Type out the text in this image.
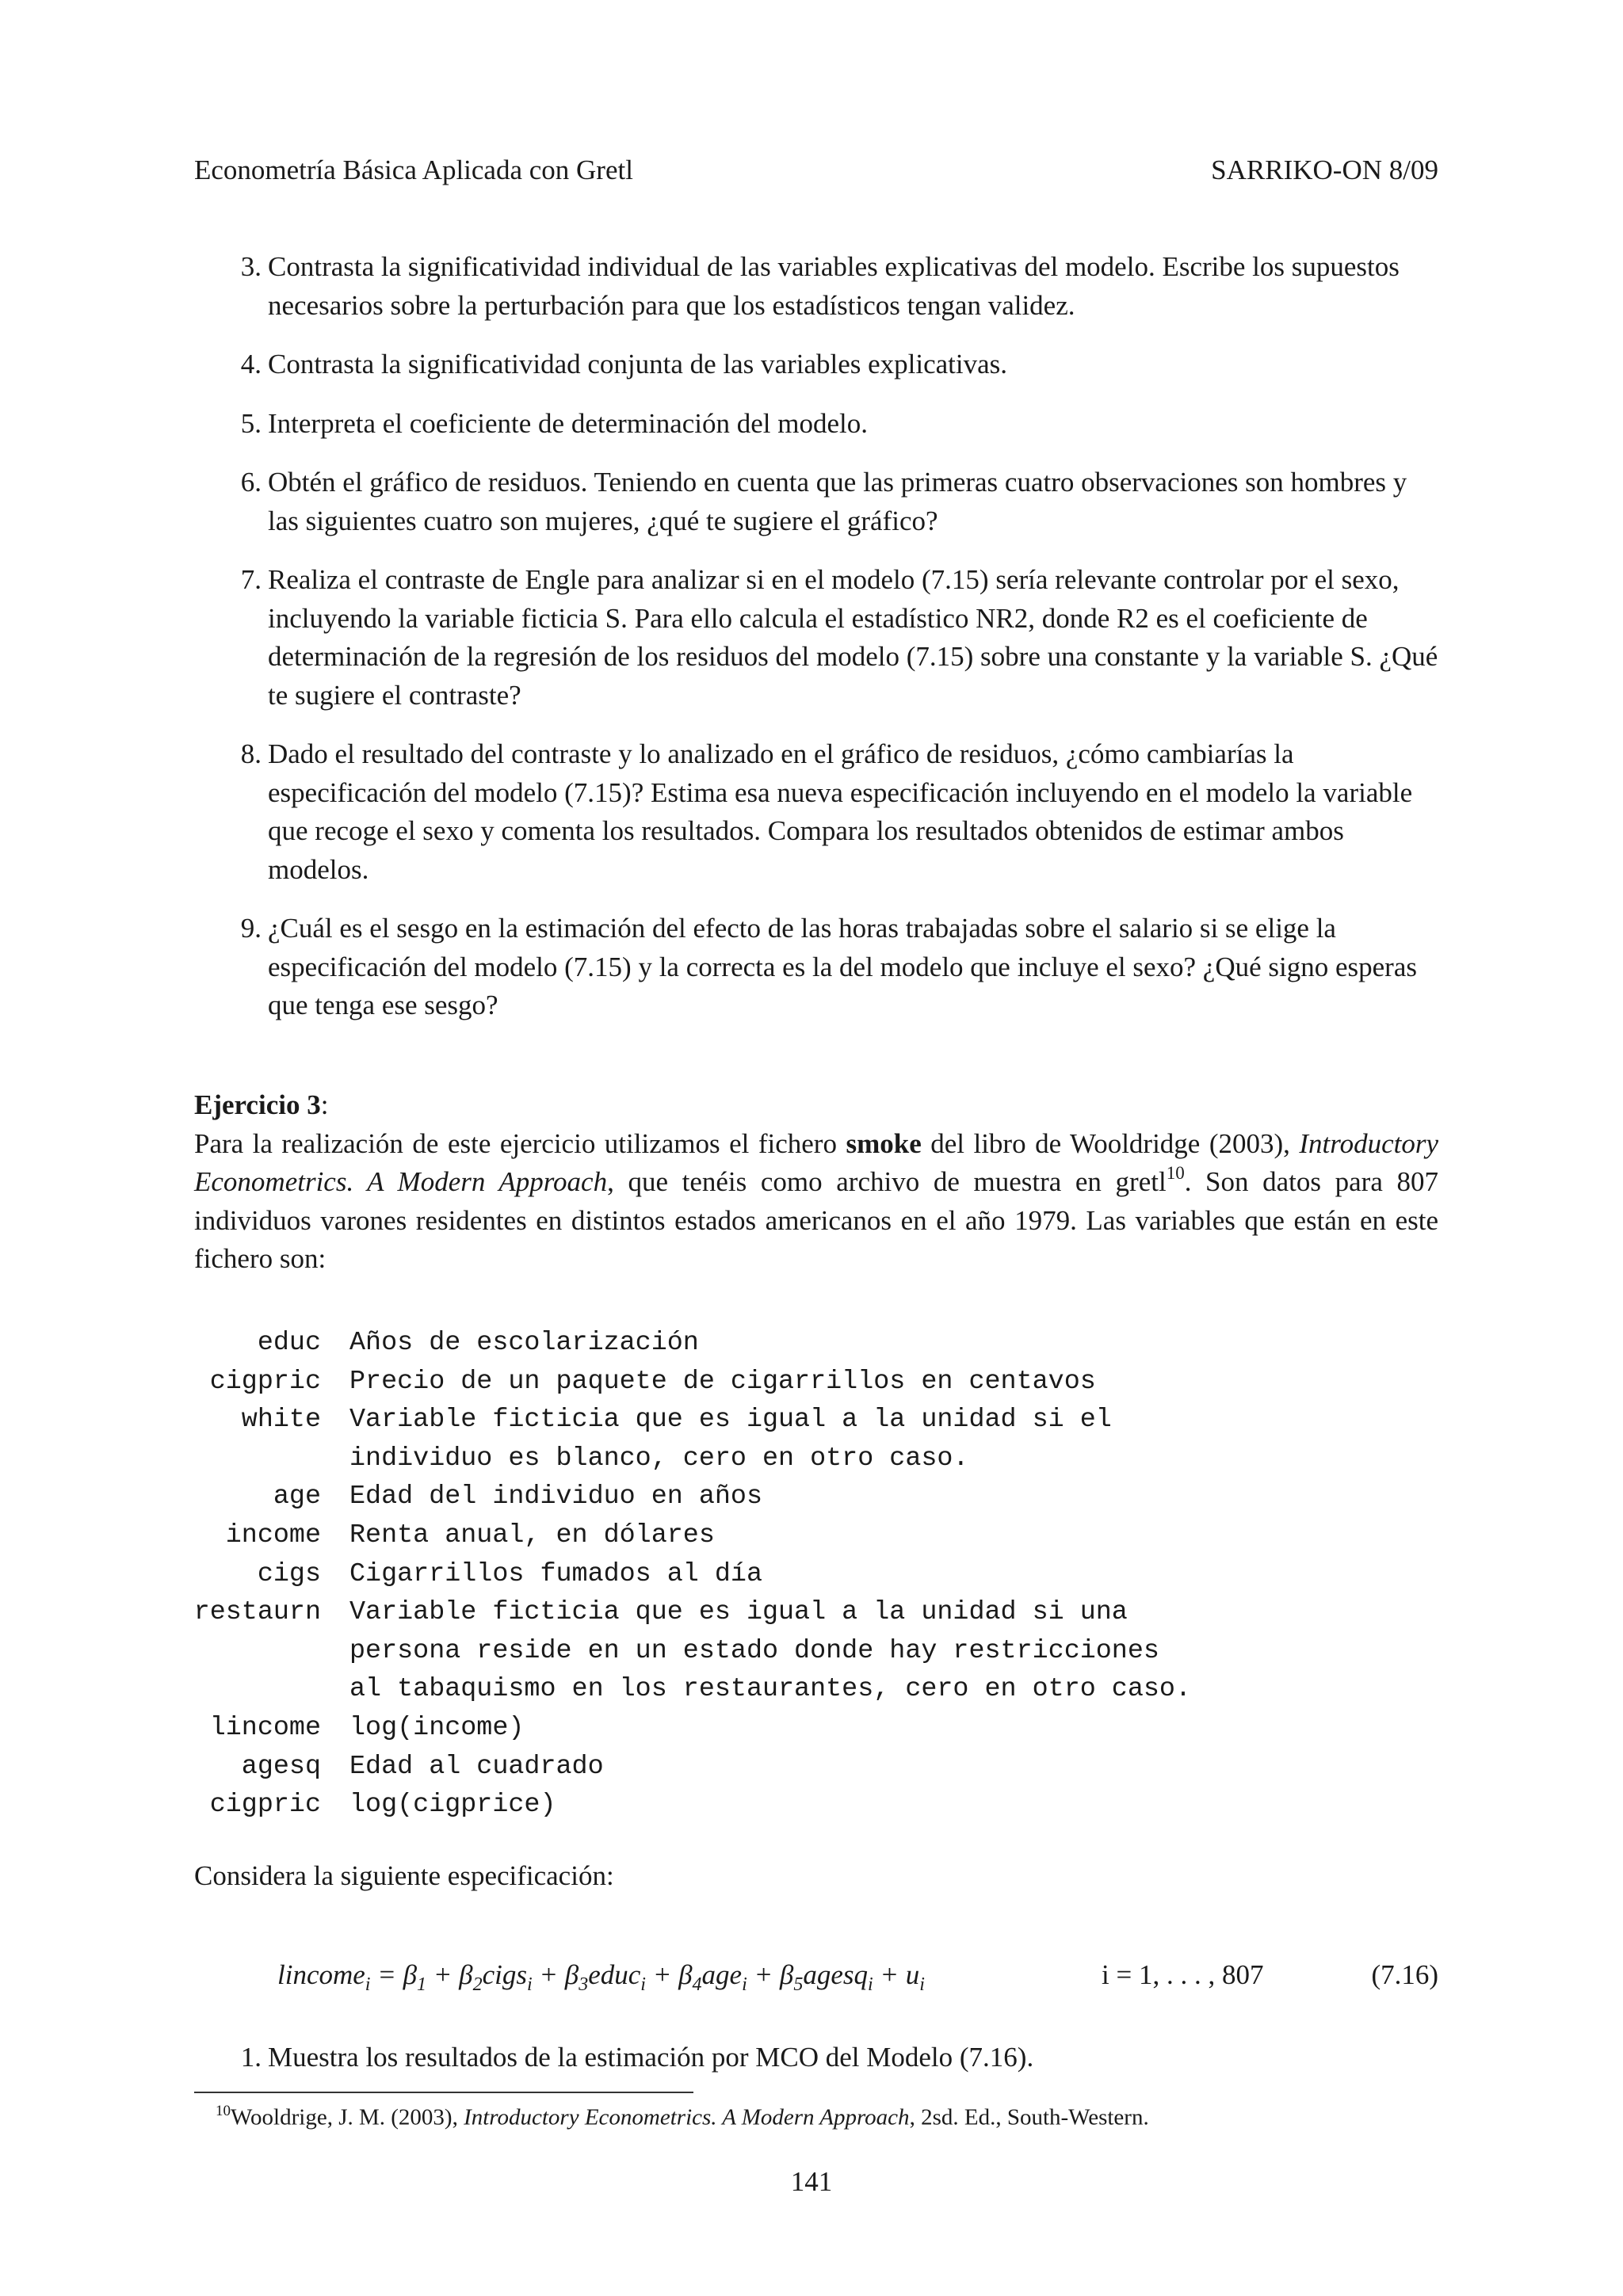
Econometría Básica Aplicada con Gretl	SARRIKO-ON 8/09
3. Contrasta la significatividad individual de las variables explicativas del modelo. Escribe los supuestos necesarios sobre la perturbación para que los estadísticos tengan validez.
4. Contrasta la significatividad conjunta de las variables explicativas.
5. Interpreta el coeficiente de determinación del modelo.
6. Obtén el gráfico de residuos. Teniendo en cuenta que las primeras cuatro observaciones son hombres y las siguientes cuatro son mujeres, ¿qué te sugiere el gráfico?
7. Realiza el contraste de Engle para analizar si en el modelo (7.15) sería relevante controlar por el sexo, incluyendo la variable ficticia S. Para ello calcula el estadístico NR2, donde R2 es el coeficiente de determinación de la regresión de los residuos del modelo (7.15) sobre una constante y la variable S. ¿Qué te sugiere el contraste?
8. Dado el resultado del contraste y lo analizado en el gráfico de residuos, ¿cómo cambiarías la especificación del modelo (7.15)? Estima esa nueva especificación incluyendo en el modelo la variable que recoge el sexo y comenta los resultados. Compara los resultados obtenidos de estimar ambos modelos.
9. ¿Cuál es el sesgo en la estimación del efecto de las horas trabajadas sobre el salario si se elige la especificación del modelo (7.15) y la correcta es la del modelo que incluye el sexo? ¿Qué signo esperas que tenga ese sesgo?
Ejercicio 3:
Para la realización de este ejercicio utilizamos el fichero smoke del libro de Wooldridge (2003), Introductory Econometrics. A Modern Approach, que tenéis como archivo de muestra en gretl$^{10}$. Son datos para 807 individuos varones residentes en distintos estados americanos en el año 1979. Las variables que están en este fichero son:
educ		Años de escolarización
cigpric		Precio de un paquete de cigarrillos en centavos
white		Variable ficticia que es igual a la unidad si el
individuo es blanco, cero en otro caso.
age		Edad del individuo en años
income		Renta anual, en dólares
cigs		Cigarrillos fumados al día
restaurn		Variable ficticia que es igual a la unidad si una
persona reside en un estado donde hay restricciones
al tabaquismo en los restaurantes, cero en otro caso.
lincome		log(income)
agesq		Edad al cuadrado
cigpric		log(cigprice)
Considera la siguiente especificación:
lincome$_i$ = $\beta_1$ + $\beta_2cigs_i$ + $\beta_3educ_i + \beta_4age_i$ + $\beta_5agesq_i + u_i$	i = 1, . . . , 807	(7.16)
1. Muestra los resultados de la estimación por MCO del Modelo (7.16).
$^{10}$Wooldrige, J. M. (2003), Introductory Econometrics. A Modern Approach, 2sd. Ed., South-Western.
141
